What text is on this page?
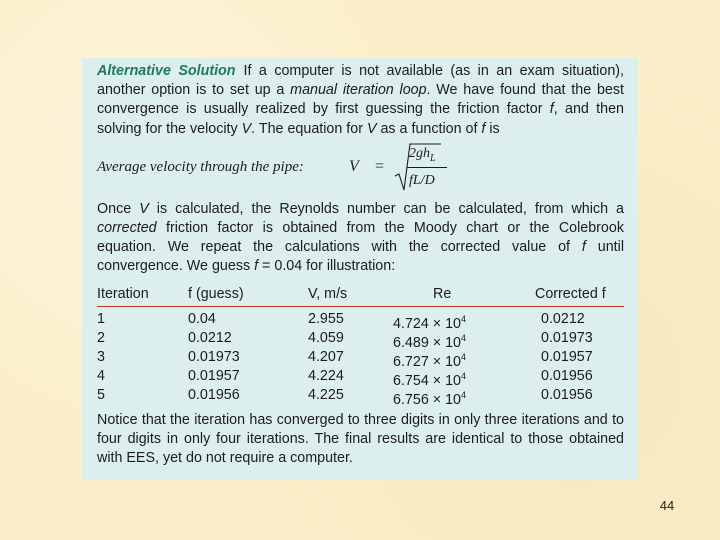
Alternative Solution If a computer is not available (as in an exam situation), another option is to set up a manual iteration loop. We have found that the best convergence is usually realized by first guessing the friction factor f, and then solving for the velocity V. The equation for V as a function of f is

Average velocity through the pipe:	V =
$2gh_L$
fL/D

Once V is calculated, the Reynolds number can be calculated, from which a corrected friction factor is obtained from the Moody chart or the Colebrook equation. We repeat the calculations with the corrected value of f until convergence. We guess f = 0.04 for illustration:

Iteration	f (guess)	V, m/s	Re	Corrected f
1	0.04	2.955	$4.724 \times 10^4$	0.0212
2	0.0212	4.059	$6.489 \times 10^4$	0.01973
3	0.01973	4.207	$6.727 \times 10^4$	0.01957
4	0.01957	4.224	$6.754 \times 10^4$	0.01956
5	0.01956	4.225	$6.756 \times 10^4$	0.01956

Notice that the iteration has converged to three digits in only three iterations and to four digits in only four iterations. The final results are identical to those obtained with EES, yet do not require a computer.

44
